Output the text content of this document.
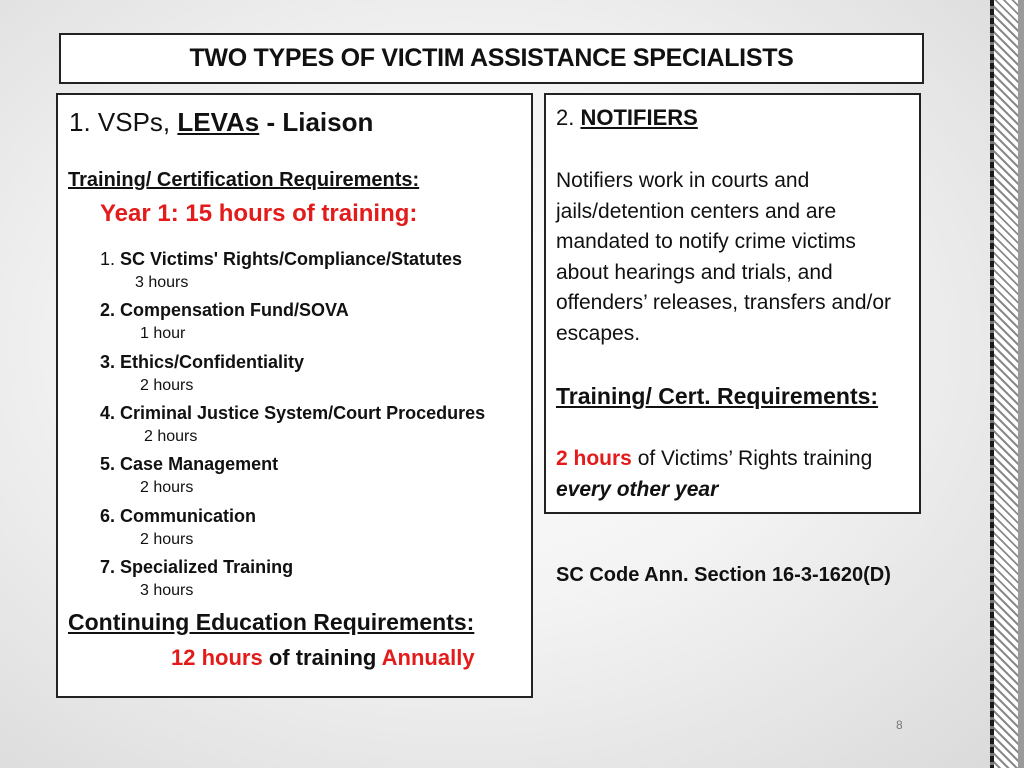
TWO TYPES OF VICTIM ASSISTANCE SPECIALISTS
1. VSPs, LEVAs - Liaison
Training/ Certification Requirements:
Year 1: 15 hours of training:
1. SC Victims' Rights/Compliance/Statutes
3 hours
2. Compensation Fund/SOVA
1 hour
3. Ethics/Confidentiality
2 hours
4. Criminal Justice System/Court Procedures
2 hours
5. Case Management
2 hours
6. Communication
2 hours
7. Specialized Training
3 hours
Continuing Education Requirements:
12 hours of training Annually
2. NOTIFIERS
Notifiers work in courts and jails/detention centers and are mandated to notify crime victims about hearings and trials, and offenders’ releases, transfers and/or escapes.
Training/ Cert. Requirements:
2 hours of Victims’ Rights training
every other year
SC Code Ann. Section 16-3-1620(D)
8
